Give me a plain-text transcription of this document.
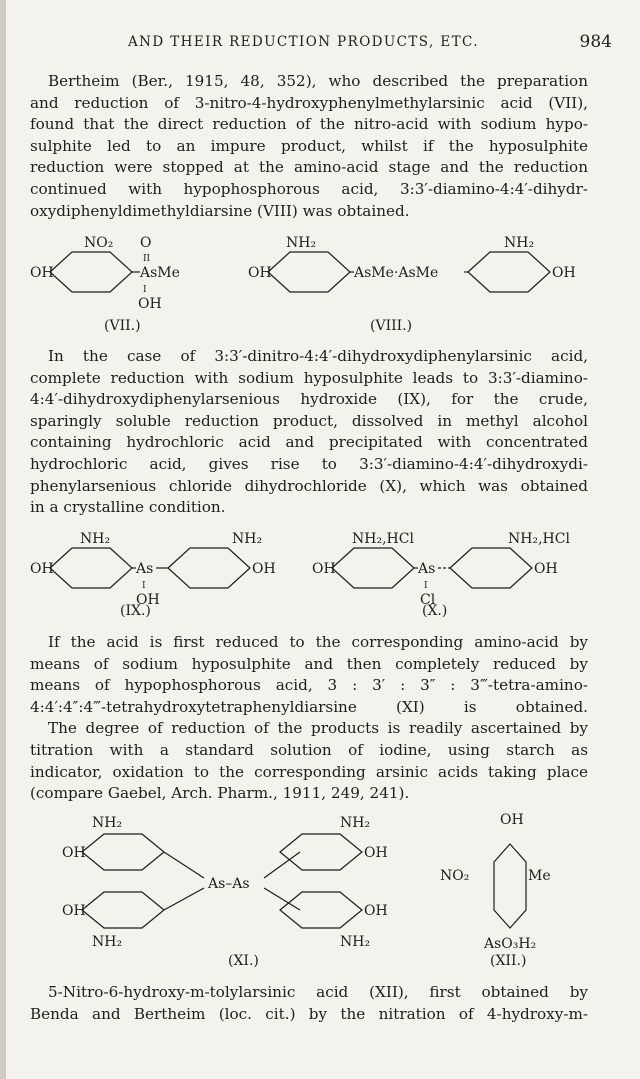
AND THEIR REDUCTION PRODUCTS, ETC.	984
Bertheim (Ber., 1915, 48, 352), who described the preparation
and reduction of 3-nitro-4-hydroxyphenylmethylarsinic acid (VII),
found that the direct reduction of the nitro-acid with sodium hypo-
sulphite led to an impure product, whilst if the hyposulphite
reduction were stopped at the amino-acid stage and the reduction
continued with hypophosphorous acid, 3:3′-diamino-4:4′-dihydr-
oxydiphenyldimethyldiarsine (VIII) was obtained.
NO₂ O
II
OH	AsMe
I
OH
(VII.)
NH₂	NH₂
OH	AsMe·AsMe	OH
(VIII.)
In the case of 3:3′-dinitro-4:4′-dihydroxydiphenylarsinic acid,
complete reduction with sodium hyposulphite leads to 3:3′-diamino-
4:4′-dihydroxydiphenylarsenious hydroxide (IX), for the crude,
sparingly soluble reduction product, dissolved in methyl alcohol
containing hydrochloric acid and precipitated with concentrated
hydrochloric acid, gives rise to 3:3′-diamino-4:4′-dihydroxydi-
phenylarsenious chloride dihydrochloride (X), which was obtained
in a crystalline condition.
NH₂	NH₂
OH	As	OH
I
OH
(IX.)
NH₂,HCl	NH₂,HCl
OH	As	OH
I
Cl
(X.)
If the acid is first reduced to the corresponding amino-acid by
means of sodium hyposulphite and then completely reduced by
means of hypophosphorous acid, 3 : 3′ : 3″ : 3‴-tetra-amino-
4:4′:4″:4‴-tetrahydroxytetraphenyldiarsine (XI) is obtained.
The degree of reduction of the products is readily ascertained by
titration with a standard solution of iodine, using starch as
indicator, oxidation to the corresponding arsinic acids taking place
(compare Gaebel, Arch. Pharm., 1911, 249, 241).
NH₂	NH₂
OH
OH
NH₂
As–As
OH
OH
NH₂
(XI.)
OH
NO₂	Me
AsO₃H₂
(XII.)
5-Nitro-6-hydroxy-m-tolylarsinic acid (XII), first obtained by
Benda and Bertheim (loc. cit.) by the nitration of 4-hydroxy-m-
